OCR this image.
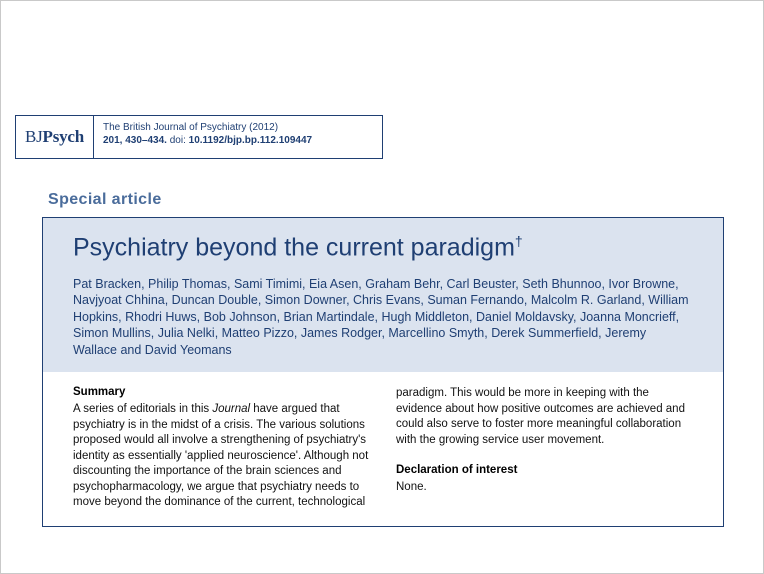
BJPsych The British Journal of Psychiatry (2012)
201, 430–434. doi: 10.1192/bjp.bp.112.109447
Special article
Psychiatry beyond the current paradigm†

Pat Bracken, Philip Thomas, Sami Timimi, Eia Asen, Graham Behr, Carl Beuster, Seth Bhunnoo, Ivor Browne, Navjyoat Chhina, Duncan Double, Simon Downer, Chris Evans, Suman Fernando, Malcolm R. Garland, William Hopkins, Rhodri Huws, Bob Johnson, Brian Martindale, Hugh Middleton, Daniel Moldavsky, Joanna Moncrieff, Simon Mullins, Julia Nelki, Matteo Pizzo, James Rodger, Marcellino Smyth, Derek Summerfield, Jeremy Wallace and David Yeomans

Summary

A series of editorials in this Journal have argued that psychiatry is in the midst of a crisis. The various solutions proposed would all involve a strengthening of psychiatry's identity as essentially 'applied neuroscience'. Although not discounting the importance of the brain sciences and psychopharmacology, we argue that psychiatry needs to move beyond the dominance of the current, technological

paradigm. This would be more in keeping with the evidence about how positive outcomes are achieved and could also serve to foster more meaningful collaboration with the growing service user movement.

Declaration of interest

None.
